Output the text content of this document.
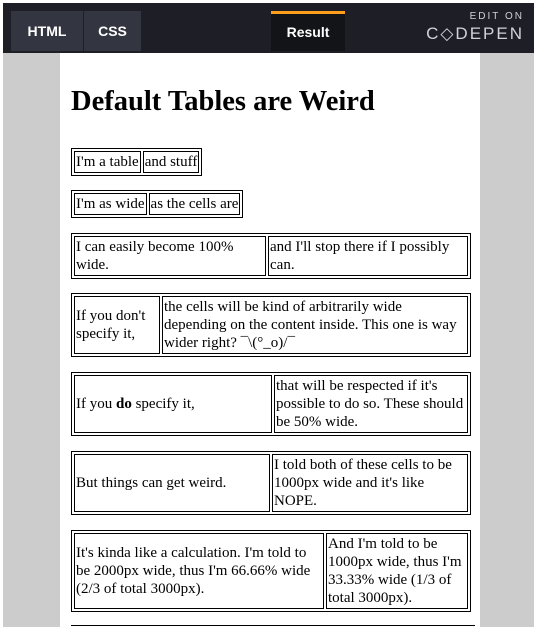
HTML	CSS	Result
EDIT ON
C◇DEPEN
Default Tables are Weird
I'm a table	and stuff
I'm as wide	as the cells are
I can easily become 100% wide.	and I'll stop there if I possibly can.
If you don't specify it,	the cells will be kind of arbitrarily wide depending on the content inside. This one is way wider right? ¯\(°_o)/¯
If you do specify it,	that will be respected if it's possible to do so. These should be 50% wide.
But things can get weird.	I told both of these cells to be 1000px wide and it's like NOPE.
It's kinda like a calculation. I'm told to be 2000px wide, thus I'm 66.66% wide (2/3 of total 3000px).	And I'm told to be 1000px wide, thus I'm 33.33% wide (1/3 of total 3000px).
